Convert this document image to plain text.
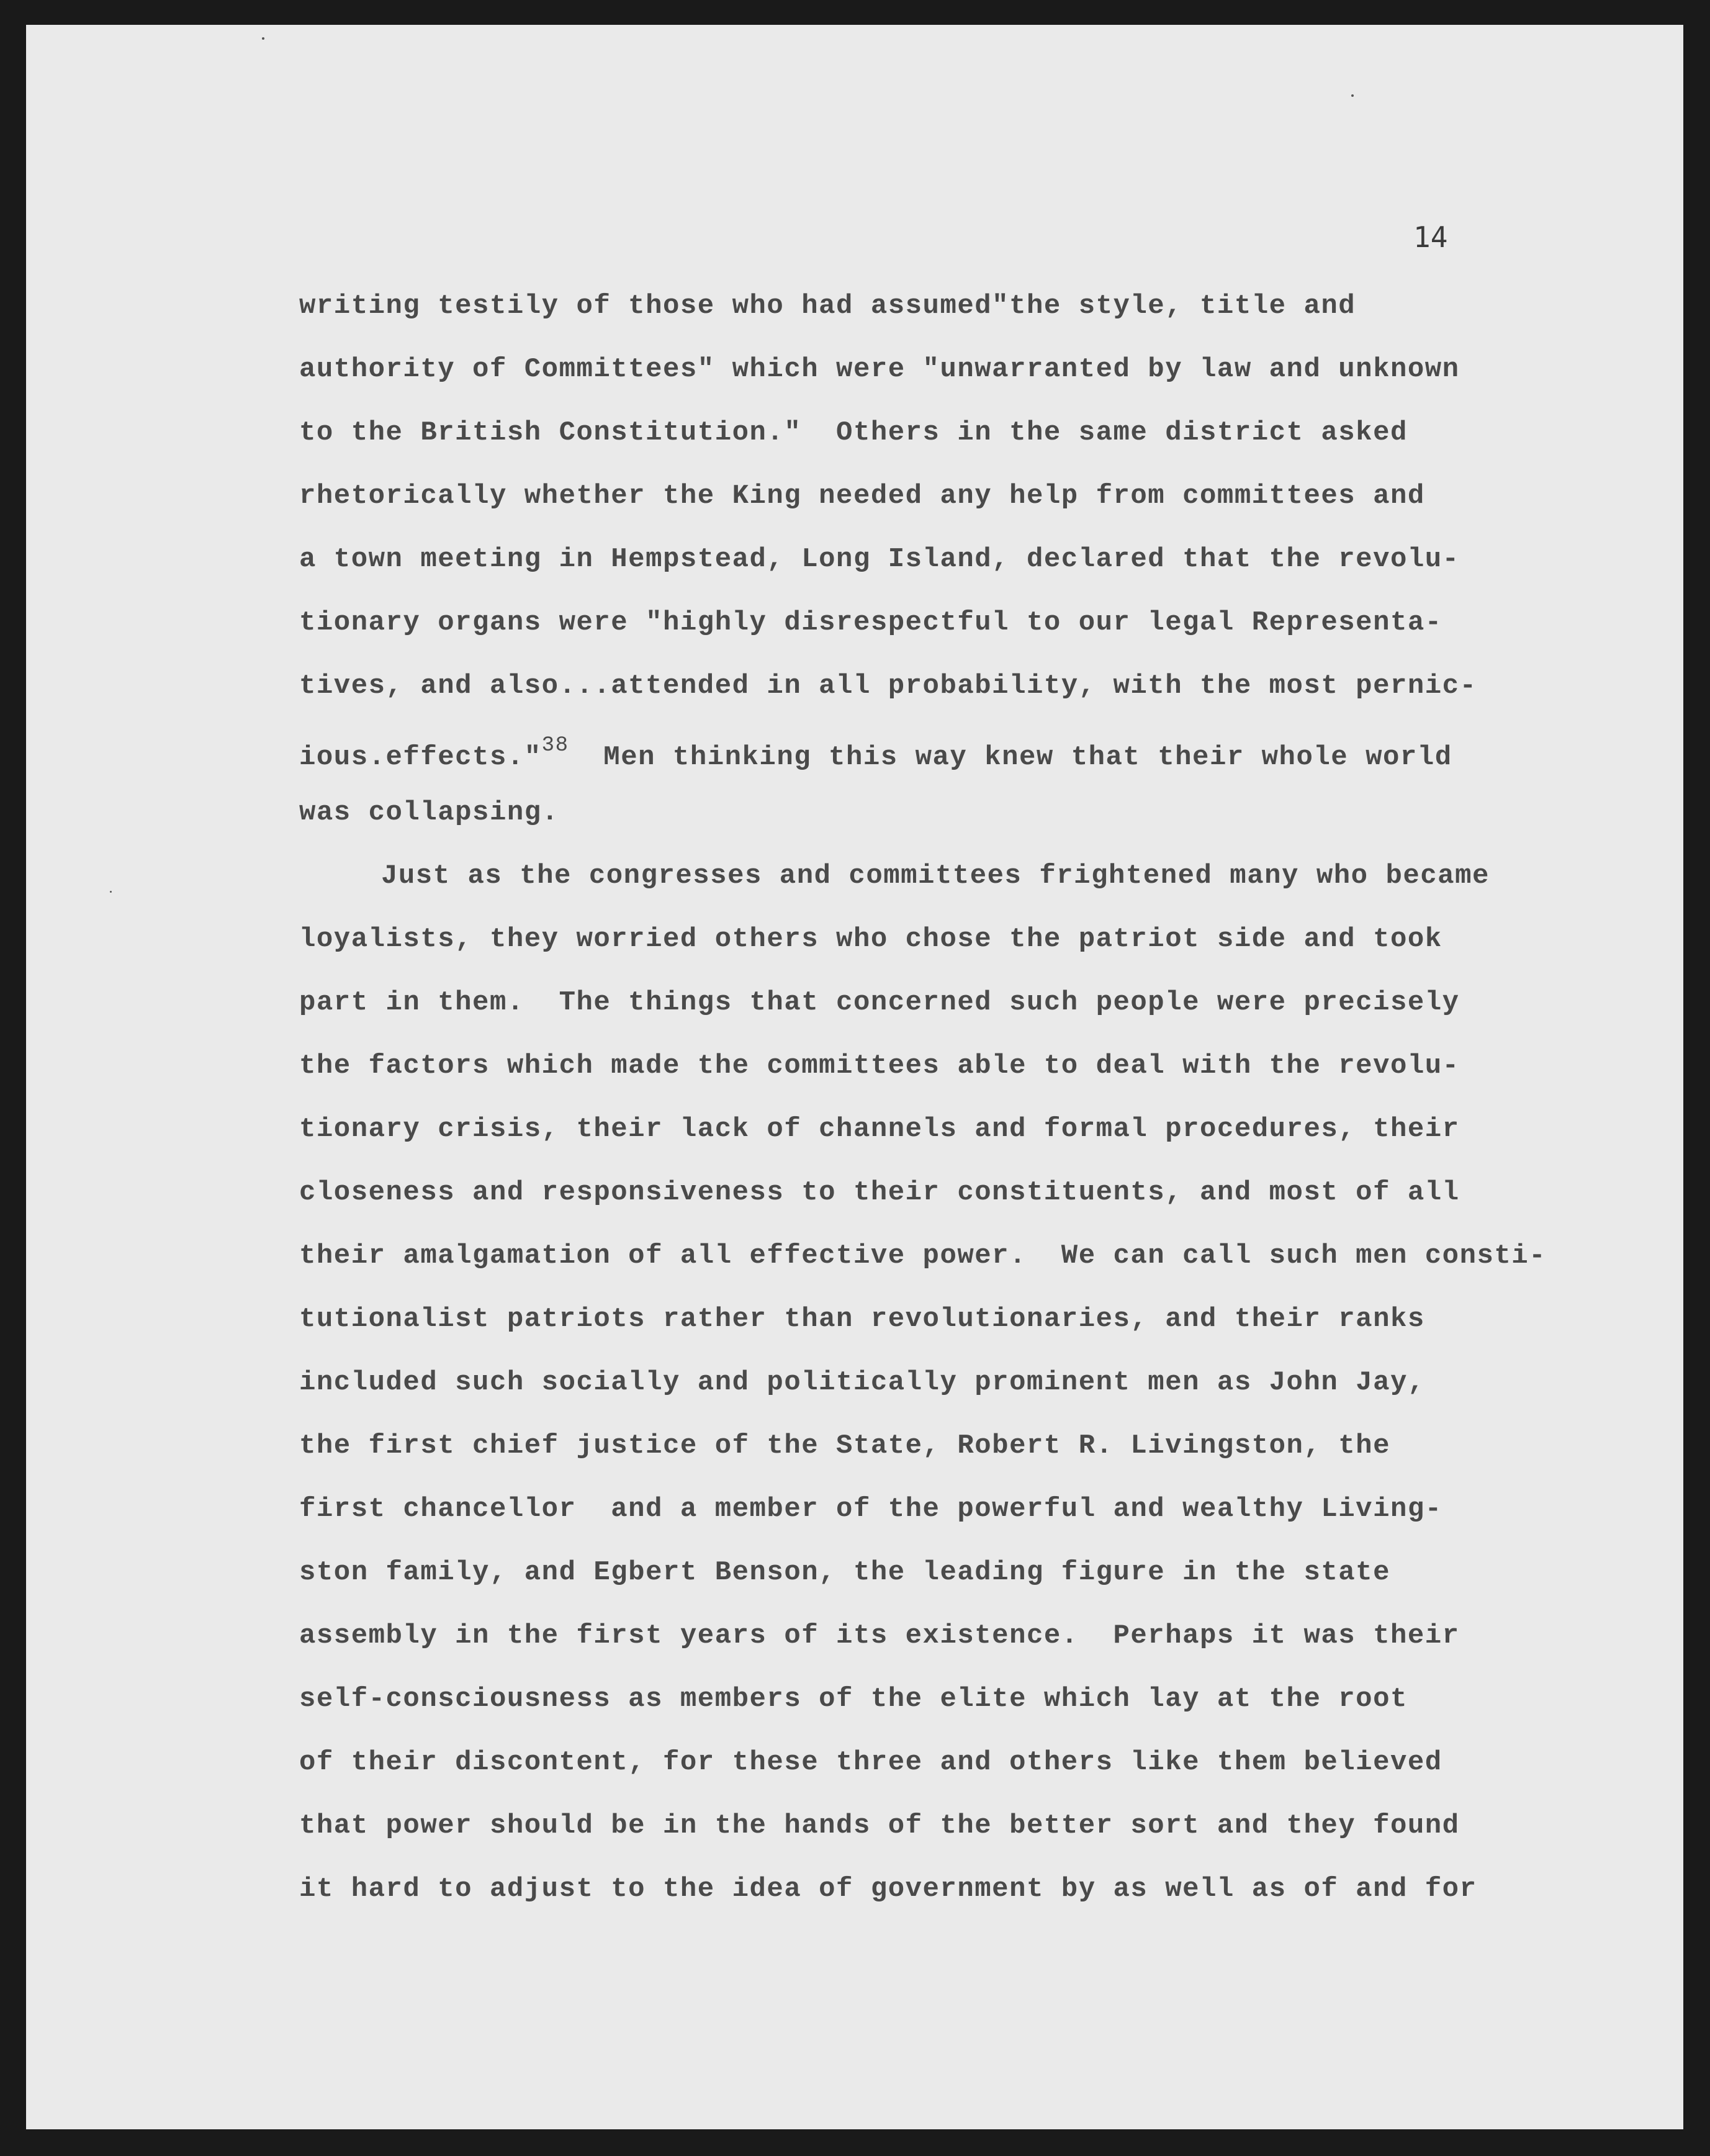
14
writing testily of those who had assumed"the style, title and
authority of Committees" which were "unwarranted by law and unknown
to the British Constitution."  Others in the same district asked
rhetorically whether the King needed any help from committees and
a town meeting in Hempstead, Long Island, declared that the revolu-
tionary organs were "highly disrespectful to our legal Representa-
tives, and also...attended in all probability, with the most pernic-
ious.effects."$^{38}$  Men thinking this way knew that their whole world
was collapsing.
Just as the congresses and committees frightened many who became
loyalists, they worried others who chose the patriot side and took
part in them.  The things that concerned such people were precisely
the factors which made the committees able to deal with the revolu-
tionary crisis, their lack of channels and formal procedures, their
closeness and responsiveness to their constituents, and most of all
their amalgamation of all effective power.  We can call such men consti-
tutionalist patriots rather than revolutionaries, and their ranks
included such socially and politically prominent men as John Jay,
the first chief justice of the State, Robert R. Livingston, the
first chancellor  and a member of the powerful and wealthy Living-
ston family, and Egbert Benson, the leading figure in the state
assembly in the first years of its existence.  Perhaps it was their
self-consciousness as members of the elite which lay at the root
of their discontent, for these three and others like them believed
that power should be in the hands of the better sort and they found
it hard to adjust to the idea of government by as well as of and for
